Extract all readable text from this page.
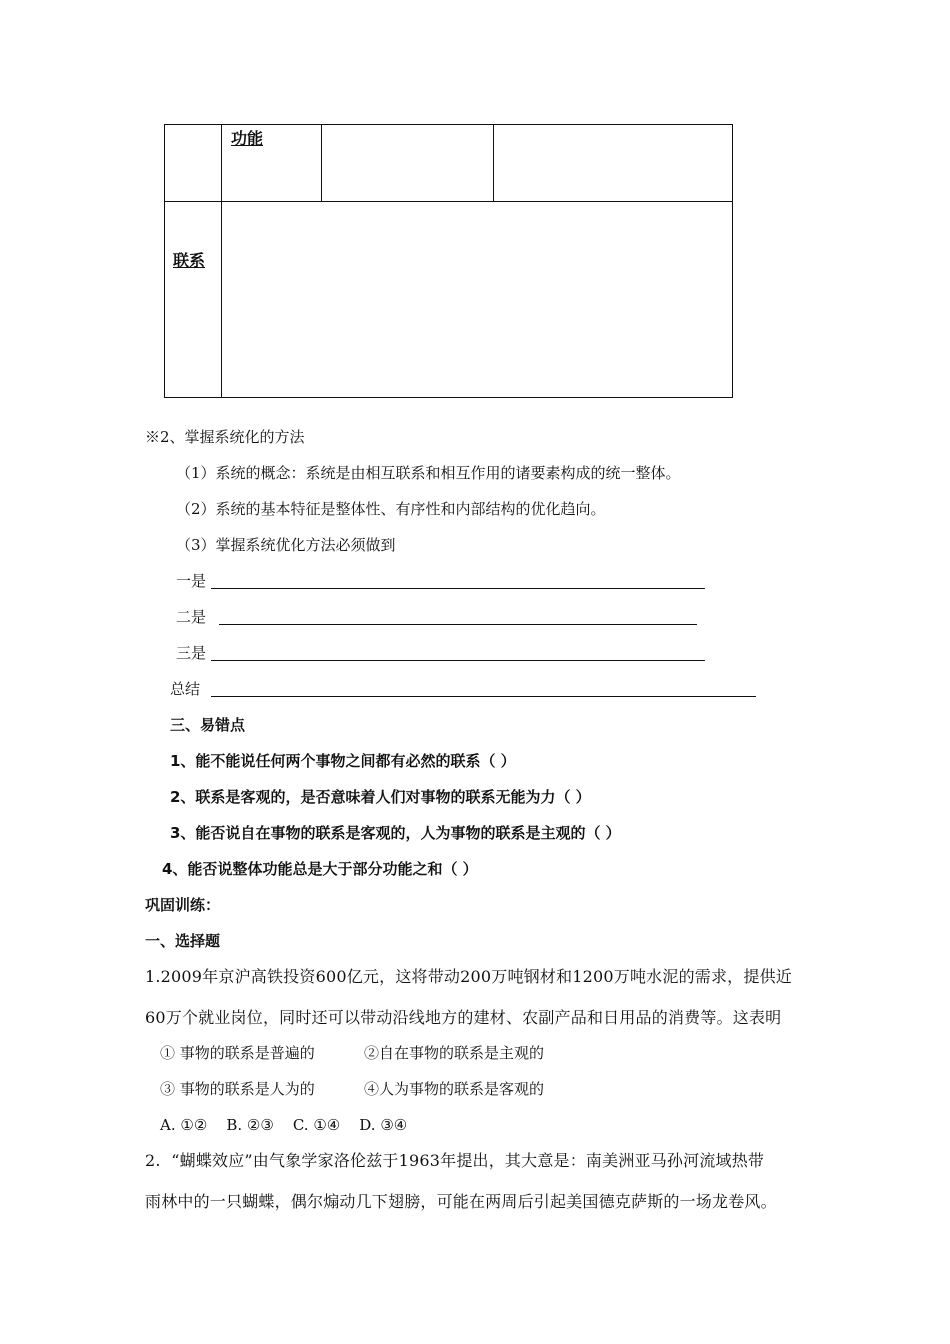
功能
联系
※2、掌握系统化的方法
（1）系统的概念：系统是由相互联系和相互作用的诸要素构成的统一整体。
（2）系统的基本特征是整体性、有序性和内部结构的优化趋向。
（3）掌握系统优化方法必须做到
一是
二是
三是
总结
三、易错点
1、能不能说任何两个事物之间都有必然的联系（ ）
2、联系是客观的，是否意味着人们对事物的联系无能为力（ ）
3、能否说自在事物的联系是客观的，人为事物的联系是主观的（ ）
4、能否说整体功能总是大于部分功能之和（ ）
巩固训练：
一、选择题
1.2009年京沪高铁投资600亿元，这将带动200万吨钢材和1200万吨水泥的需求，提供近
60万个就业岗位，同时还可以带动沿线地方的建材、农副产品和日用品的消费等。这表明
① 事物的联系是普遍的	②自在事物的联系是主观的
③ 事物的联系是人为的	④人为事物的联系是客观的
A. ①②    B. ②③    C. ①④    D. ③④
2.  “蝴蝶效应”由气象学家洛伦兹于1963年提出，其大意是：南美洲亚马孙河流域热带
雨林中的一只蝴蝶，偶尔煽动几下翅膀，可能在两周后引起美国德克萨斯的一场龙卷风。
